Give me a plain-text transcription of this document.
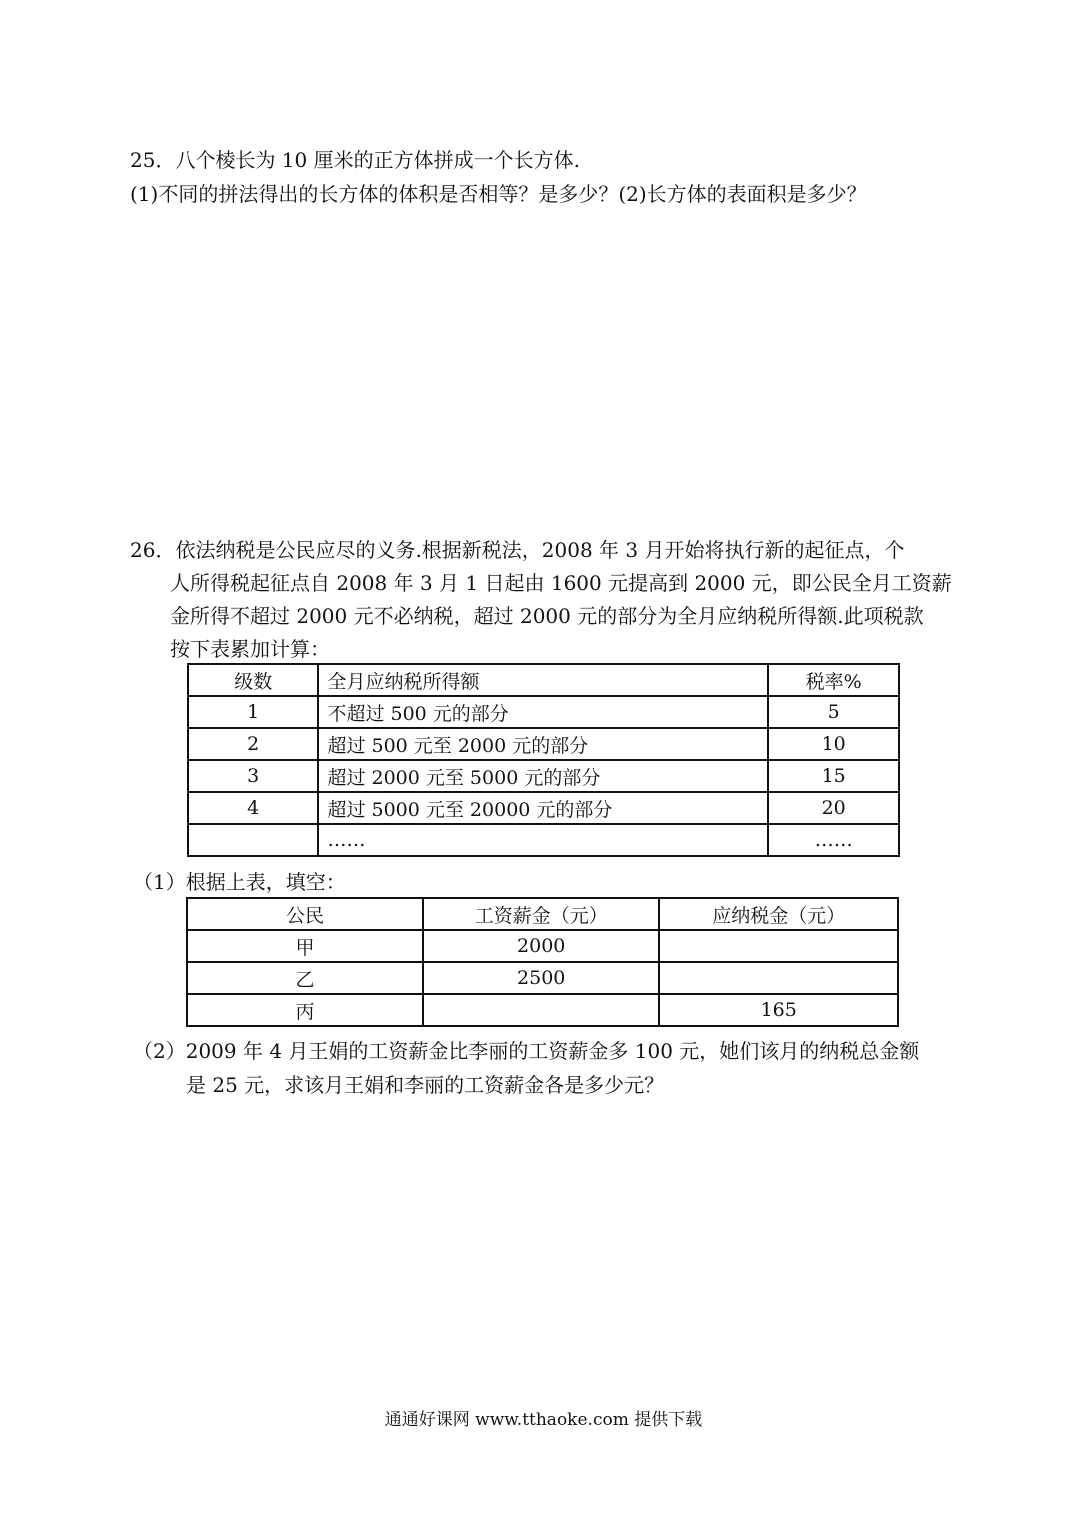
25．八个棱长为 10 厘米的正方体拼成一个长方体.
(1)不同的拼法得出的长方体的体积是否相等？是多少？(2)长方体的表面积是多少？
26．依法纳税是公民应尽的义务.根据新税法，2008 年 3 月开始将执行新的起征点，个
人所得税起征点自 2008 年 3 月 1 日起由 1600 元提高到 2000 元，即公民全月工资薪
金所得不超过 2000 元不必纳税，超过 2000 元的部分为全月应纳税所得额.此项税款
按下表累加计算：
级数	全月应纳税所得额	税率%
1	不超过 500 元的部分	5
2	超过 500 元至 2000 元的部分	10
3	超过 2000 元至 5000 元的部分	15
4	超过 5000 元至 20000 元的部分	20
	……	……
（1）根据上表，填空：
公民	工资薪金（元）	应纳税金（元）
甲	2000	
乙	2500	
丙		165
（2）2009 年 4 月王娟的工资薪金比李丽的工资薪金多 100 元，她们该月的纳税总金额
是 25 元，求该月王娟和李丽的工资薪金各是多少元？
通通好课网 www.tthaoke.com 提供下载
